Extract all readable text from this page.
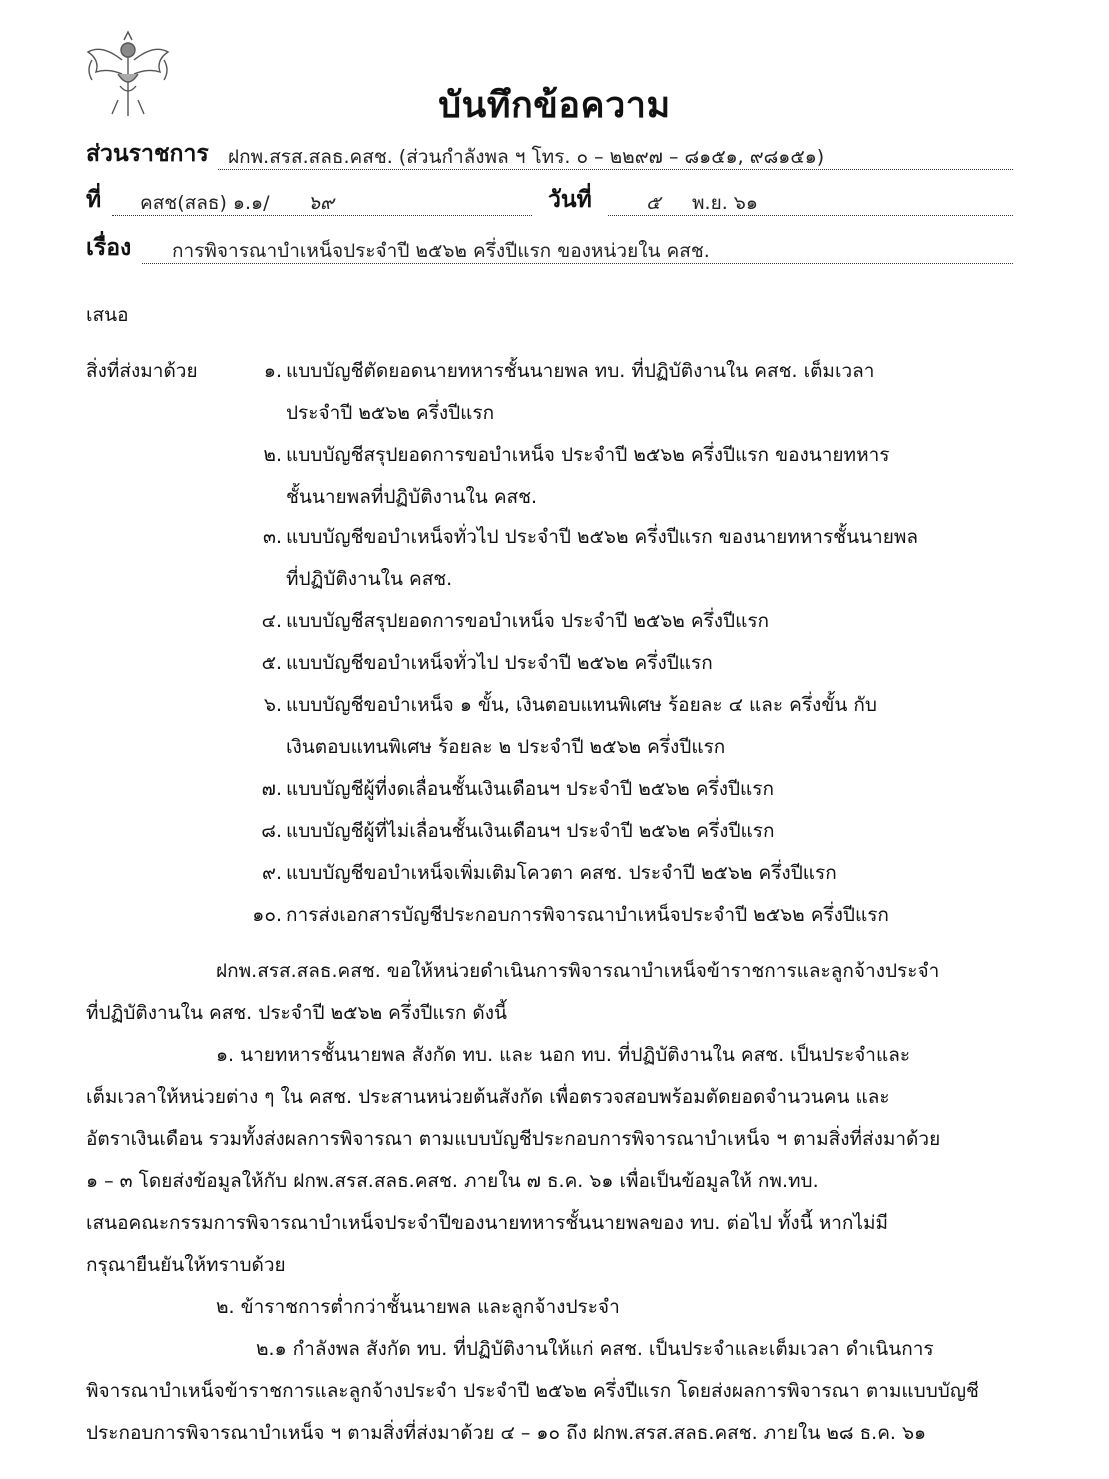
บันทึกข้อความ
ส่วนราชการ ฝกพ.สรส.สลธ.คสช. (ส่วนกำลังพล ฯ โทร. ๐ – ๒๒๙๗ – ๘๑๕๑, ๙๘๑๕๑)
ที่ คสช(สลธ) ๑.๑/ ๖๙	วันที่	๕ พ.ย. ๖๑
เรื่อง การพิจารณาบำเหน็จประจำปี ๒๕๖๒ ครึ่งปีแรก ของหน่วยใน คสช.
เสนอ
สิ่งที่ส่งมาด้วย	๑. แบบบัญชีตัดยอดนายทหารชั้นนายพล ทบ. ที่ปฏิบัติงานใน คสช. เต็มเวลา
ประจำปี ๒๕๖๒ ครึ่งปีแรก
๒. แบบบัญชีสรุปยอดการขอบำเหน็จ ประจำปี ๒๕๖๒ ครึ่งปีแรก ของนายทหาร
ชั้นนายพลที่ปฏิบัติงานใน คสช.
๓. แบบบัญชีขอบำเหน็จทั่วไป ประจำปี ๒๕๖๒ ครึ่งปีแรก ของนายทหารชั้นนายพล
ที่ปฏิบัติงานใน คสช.
๔. แบบบัญชีสรุปยอดการขอบำเหน็จ ประจำปี ๒๕๖๒ ครึ่งปีแรก
๕. แบบบัญชีขอบำเหน็จทั่วไป ประจำปี ๒๕๖๒ ครึ่งปีแรก
๖. แบบบัญชีขอบำเหน็จ ๑ ขั้น, เงินตอบแทนพิเศษ ร้อยละ ๔ และ ครึ่งขั้น กับ
เงินตอบแทนพิเศษ ร้อยละ ๒ ประจำปี ๒๕๖๒ ครึ่งปีแรก
๗. แบบบัญชีผู้ที่งดเลื่อนชั้นเงินเดือนฯ ประจำปี ๒๕๖๒ ครึ่งปีแรก
๘. แบบบัญชีผู้ที่ไม่เลื่อนชั้นเงินเดือนฯ ประจำปี ๒๕๖๒ ครึ่งปีแรก
๙. แบบบัญชีขอบำเหน็จเพิ่มเติมโควตา คสช. ประจำปี ๒๕๖๒ ครึ่งปีแรก
๑๐. การส่งเอกสารบัญชีประกอบการพิจารณาบำเหน็จประจำปี ๒๕๖๒ ครึ่งปีแรก
ฝกพ.สรส.สลธ.คสช. ขอให้หน่วยดำเนินการพิจารณาบำเหน็จข้าราชการและลูกจ้างประจำ
ที่ปฏิบัติงานใน คสช. ประจำปี ๒๕๖๒ ครึ่งปีแรก ดังนี้
๑. นายทหารชั้นนายพล สังกัด ทบ. และ นอก ทบ. ที่ปฏิบัติงานใน คสช. เป็นประจำและ
เต็มเวลาให้หน่วยต่าง ๆ ใน คสช. ประสานหน่วยต้นสังกัด เพื่อตรวจสอบพร้อมตัดยอดจำนวนคน และ
อัตราเงินเดือน รวมทั้งส่งผลการพิจารณา ตามแบบบัญชีประกอบการพิจารณาบำเหน็จ ฯ ตามสิ่งที่ส่งมาด้วย
๑ – ๓ โดยส่งข้อมูลให้กับ ฝกพ.สรส.สลธ.คสช. ภายใน ๗ ธ.ค. ๖๑ เพื่อเป็นข้อมูลให้ กพ.ทบ.
เสนอคณะกรรมการพิจารณาบำเหน็จประจำปีของนายทหารชั้นนายพลของ ทบ. ต่อไป ทั้งนี้ หากไม่มี
กรุณายืนยันให้ทราบด้วย
๒. ข้าราชการต่ำกว่าชั้นนายพล และลูกจ้างประจำ
๒.๑ กำลังพล สังกัด ทบ. ที่ปฏิบัติงานให้แก่ คสช. เป็นประจำและเต็มเวลา ดำเนินการ
พิจารณาบำเหน็จข้าราชการและลูกจ้างประจำ ประจำปี ๒๕๖๒ ครึ่งปีแรก โดยส่งผลการพิจารณา ตามแบบบัญชี
ประกอบการพิจารณาบำเหน็จ ฯ ตามสิ่งที่ส่งมาด้วย ๔ – ๑๐ ถึง ฝกพ.สรส.สลธ.คสช. ภายใน ๒๘ ธ.ค. ๖๑
